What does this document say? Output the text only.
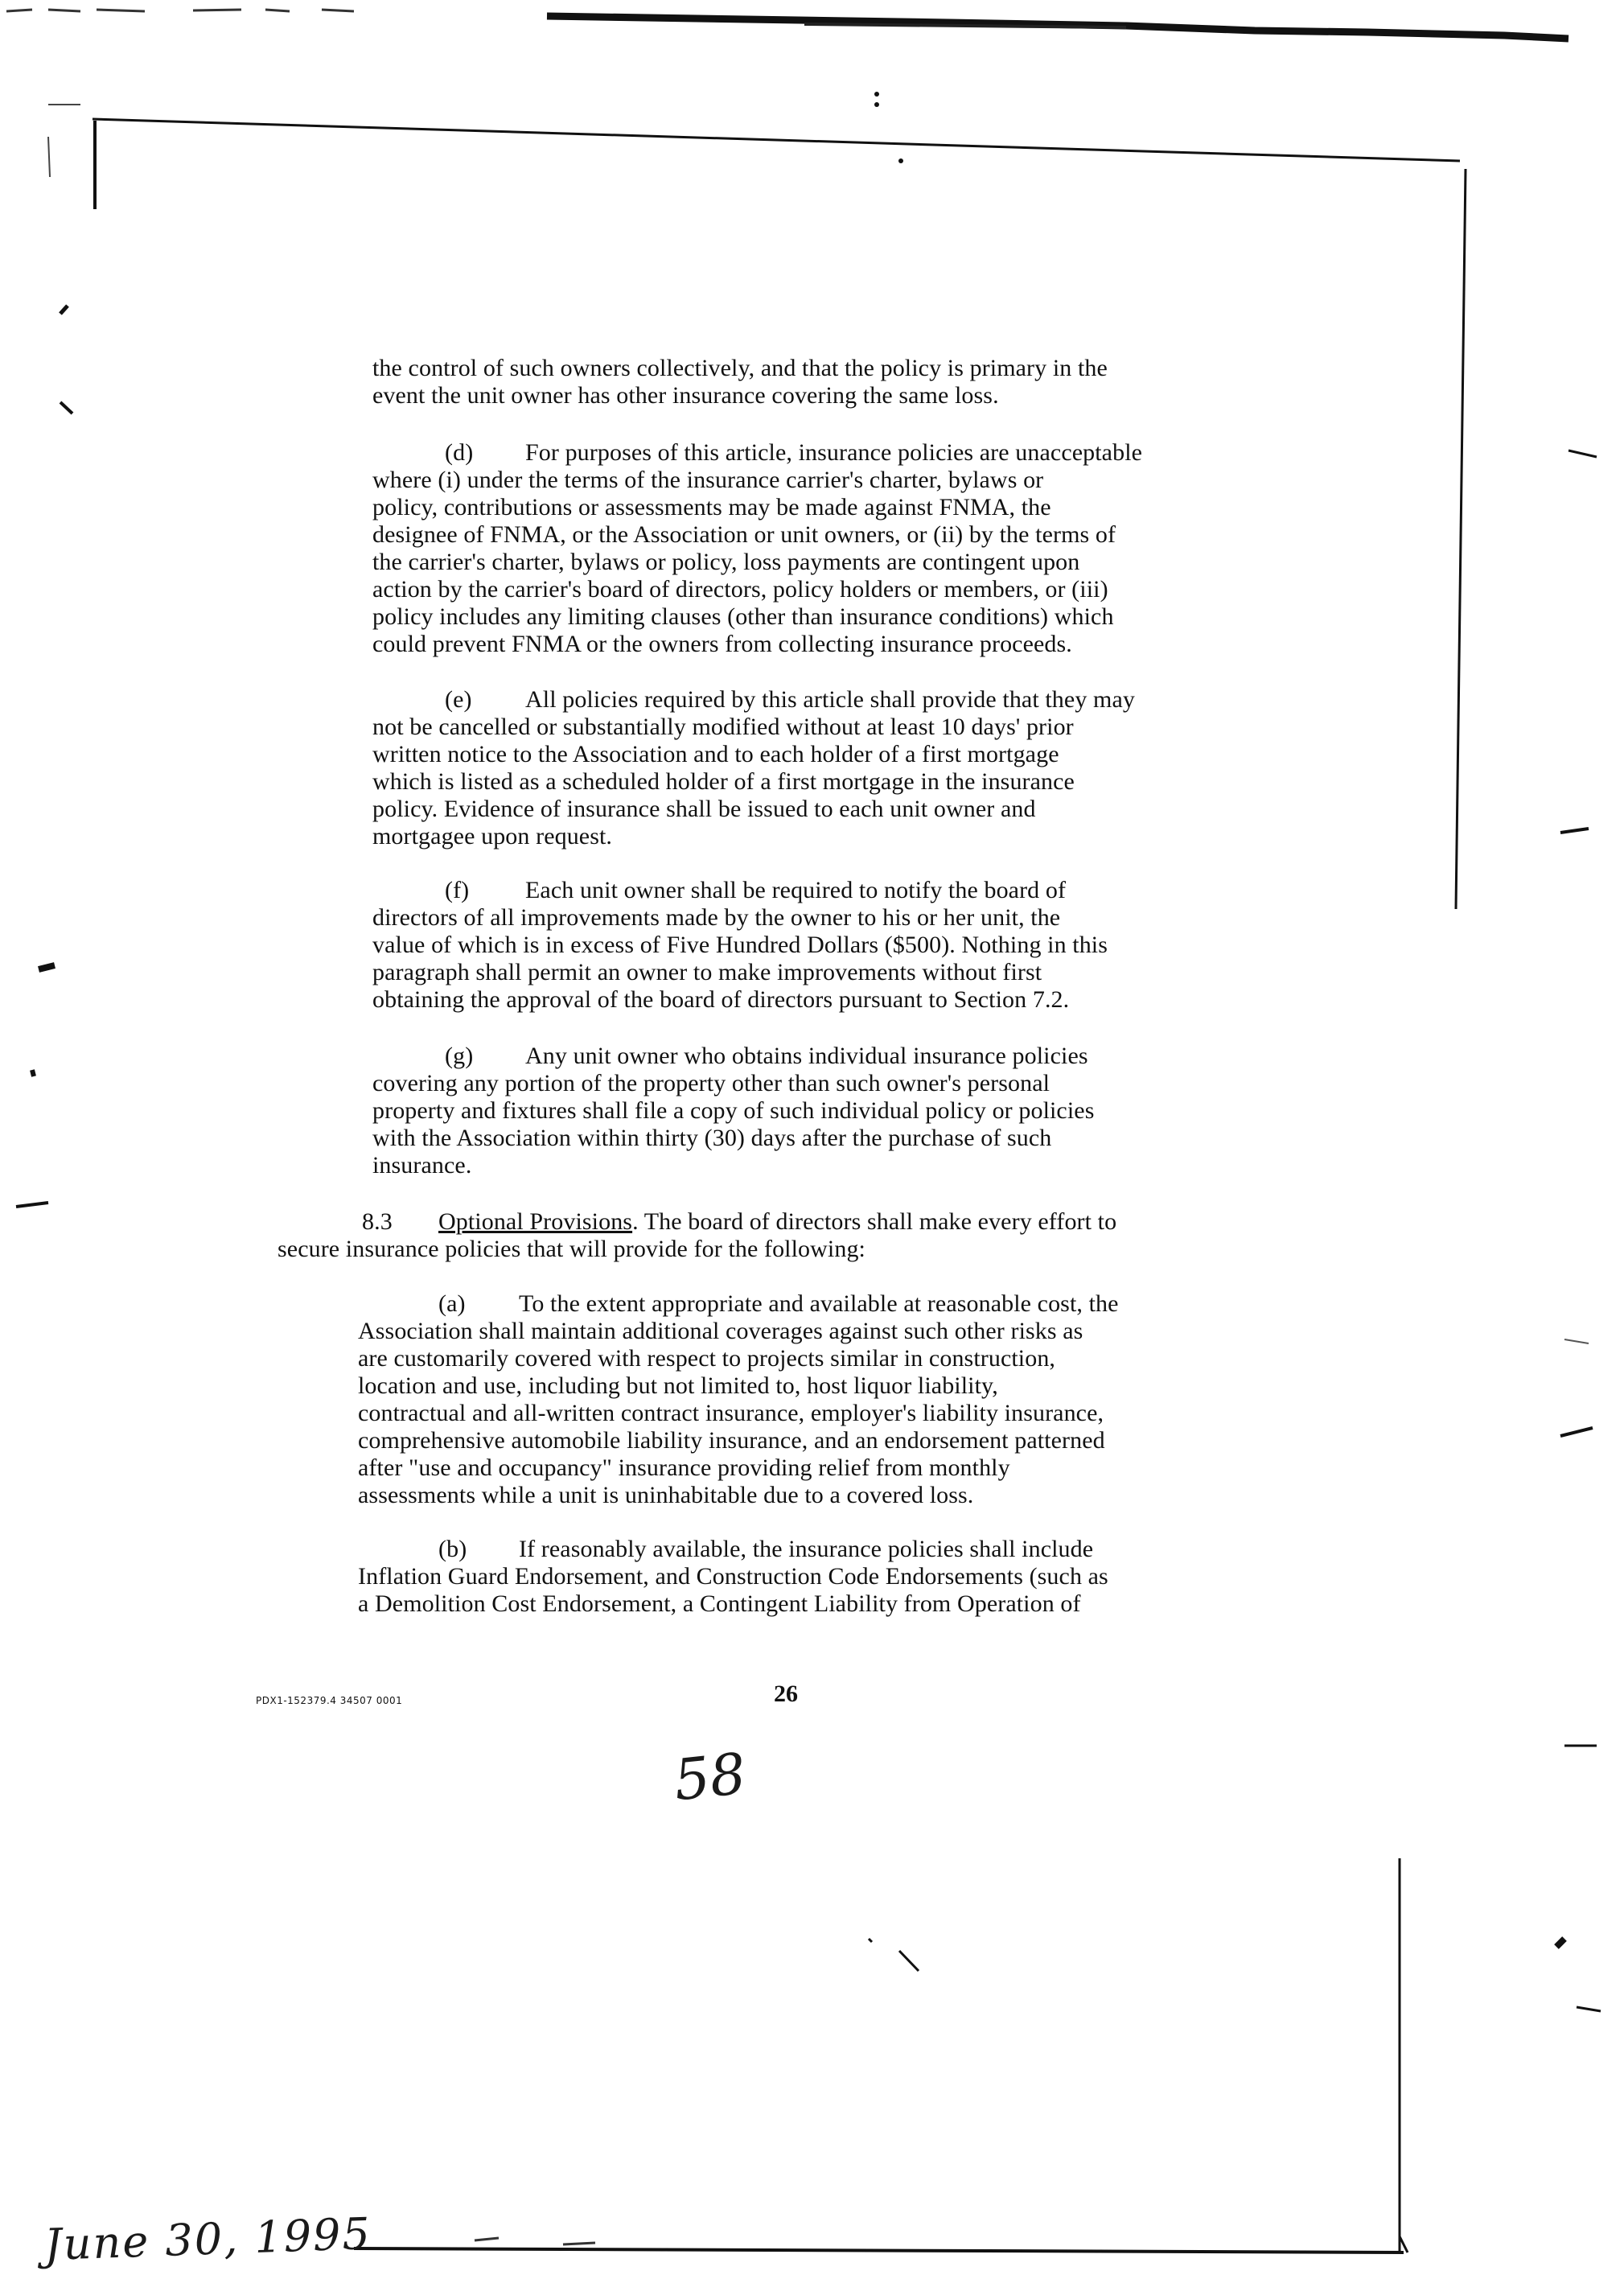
the control of such owners collectively, and that the policy is primary in the
event the unit owner has other insurance covering the same loss.
(d) For purposes of this article, insurance policies are unacceptable
where (i) under the terms of the insurance carrier's charter, bylaws or
policy, contributions or assessments may be made against FNMA, the
designee of FNMA, or the Association or unit owners, or (ii) by the terms of
the carrier's charter, bylaws or policy, loss payments are contingent upon
action by the carrier's board of directors, policy holders or members, or (iii)
policy includes any limiting clauses (other than insurance conditions) which
could prevent FNMA or the owners from collecting insurance proceeds.
(e) All policies required by this article shall provide that they may
not be cancelled or substantially modified without at least 10 days' prior
written notice to the Association and to each holder of a first mortgage
which is listed as a scheduled holder of a first mortgage in the insurance
policy. Evidence of insurance shall be issued to each unit owner and
mortgagee upon request.
(f) Each unit owner shall be required to notify the board of
directors of all improvements made by the owner to his or her unit, the
value of which is in excess of Five Hundred Dollars ($500). Nothing in this
paragraph shall permit an owner to make improvements without first
obtaining the approval of the board of directors pursuant to Section 7.2.
(g) Any unit owner who obtains individual insurance policies
covering any portion of the property other than such owner's personal
property and fixtures shall file a copy of such individual policy or policies
with the Association within thirty (30) days after the purchase of such
insurance.
8.3 Optional Provisions. The board of directors shall make every effort to
secure insurance policies that will provide for the following:
(a) To the extent appropriate and available at reasonable cost, the
Association shall maintain additional coverages against such other risks as
are customarily covered with respect to projects similar in construction,
location and use, including but not limited to, host liquor liability,
contractual and all-written contract insurance, employer's liability insurance,
comprehensive automobile liability insurance, and an endorsement patterned
after "use and occupancy" insurance providing relief from monthly
assessments while a unit is uninhabitable due to a covered loss.
(b) If reasonably available, the insurance policies shall include
Inflation Guard Endorsement, and Construction Code Endorsements (such as
a Demolition Cost Endorsement, a Contingent Liability from Operation of
PDX1-152379.4 34507 0001	26
58
June 30, 1995
